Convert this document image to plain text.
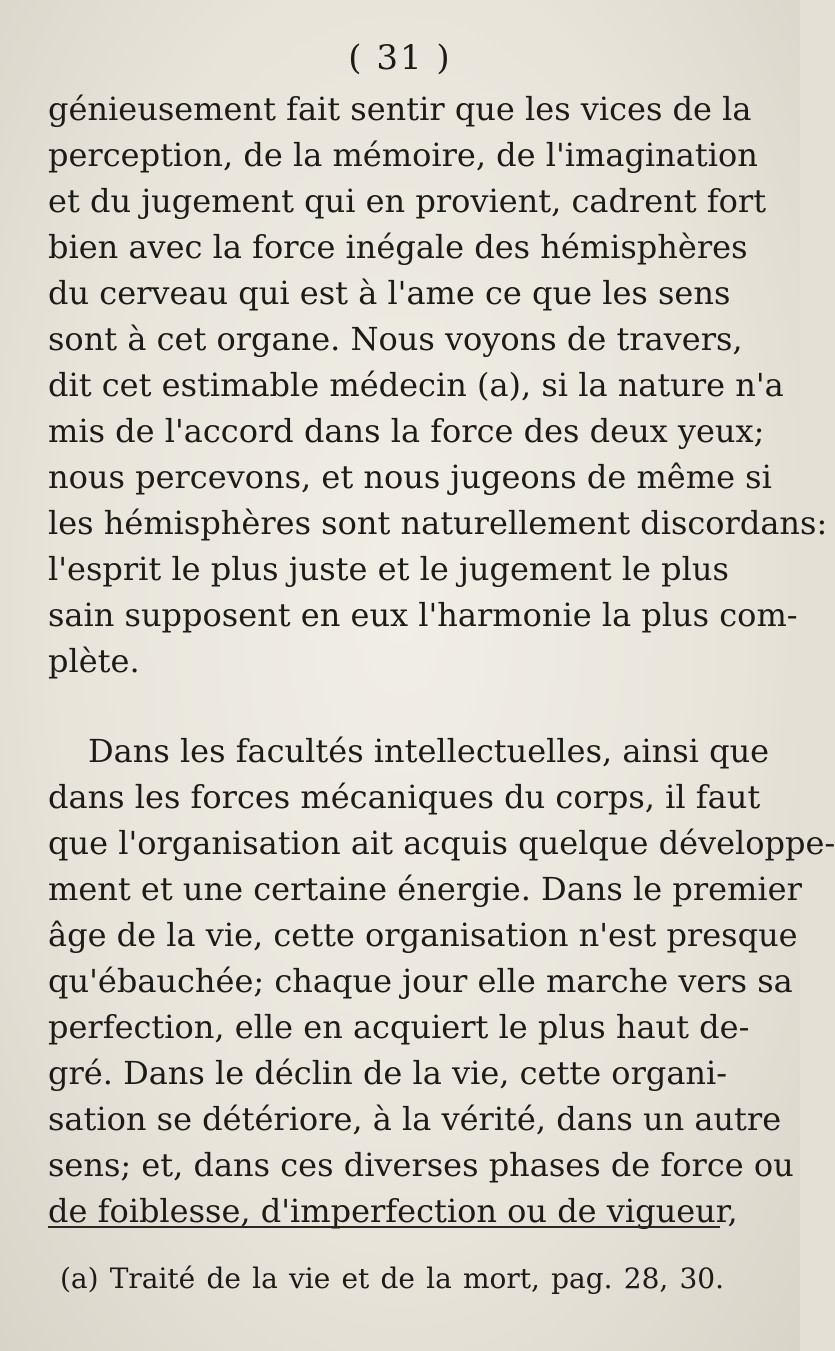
( 31 )
génieusement fait sentir que les vices de la
perception, de la mémoire, de l'imagination
et du jugement qui en provient, cadrent fort
bien avec la force inégale des hémisphères
du cerveau qui est à l'ame ce que les sens
sont à cet organe. Nous voyons de travers,
dit cet estimable médecin (a), si la nature n'a
mis de l'accord dans la force des deux yeux;
nous percevons, et nous jugeons de même si
les hémisphères sont naturellement discordans:
l'esprit le plus juste et le jugement le plus
sain supposent en eux l'harmonie la plus com-
plète.
Dans les facultés intellectuelles, ainsi que
dans les forces mécaniques du corps, il faut
que l'organisation ait acquis quelque développe-
ment et une certaine énergie. Dans le premier
âge de la vie, cette organisation n'est presque
qu'ébauchée; chaque jour elle marche vers sa
perfection, elle en acquiert le plus haut de-
gré. Dans le déclin de la vie, cette organi-
sation se détériore, à la vérité, dans un autre
sens; et, dans ces diverses phases de force ou
de foiblesse, d'imperfection ou de vigueur,
(a) Traité de la vie et de la mort, pag. 28, 30.
